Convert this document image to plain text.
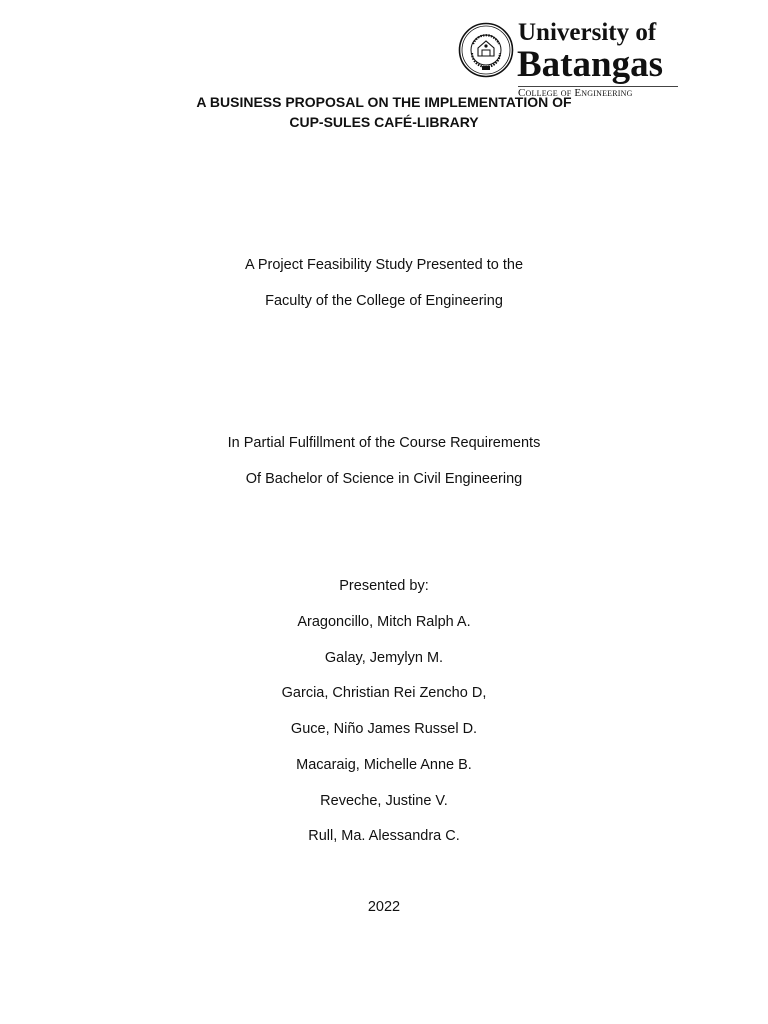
University of
Batangas
College of Engineering
A BUSINESS PROPOSAL ON THE IMPLEMENTATION OF
CUP-SULES CAFÉ-LIBRARY
A Project Feasibility Study Presented to the
Faculty of the College of Engineering
In Partial Fulfillment of the Course Requirements
Of Bachelor of Science in Civil Engineering
Presented by:
Aragoncillo, Mitch Ralph A.
Galay, Jemylyn M.
Garcia, Christian Rei Zencho D,
Guce, Niño James Russel D.
Macaraig, Michelle Anne B.
Reveche, Justine V.
Rull, Ma. Alessandra C.
2022
